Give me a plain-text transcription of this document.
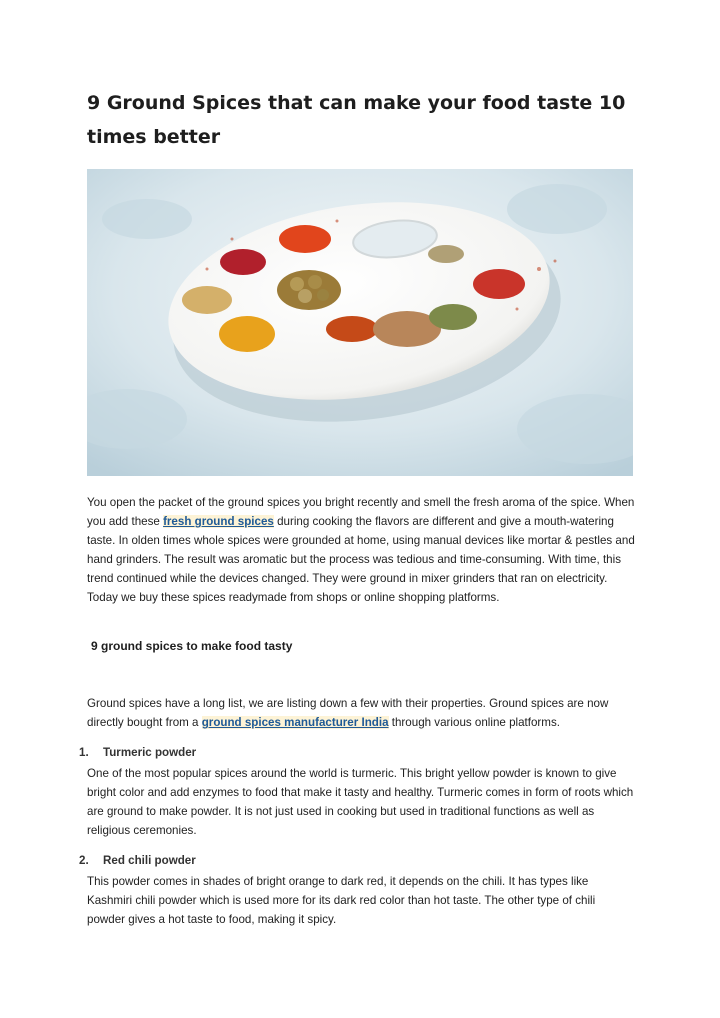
9 Ground Spices that can make your food taste 10 times better

You open the packet of the ground spices you bright recently and smell the fresh aroma of the spice. When you add these fresh ground spices during cooking the flavors are different and give a mouth-watering taste. In olden times whole spices were grounded at home, using manual devices like mortar & pestles and hand grinders. The result was aromatic but the process was tedious and time-consuming. With time, this trend continued while the devices changed. They were ground in mixer grinders that ran on electricity. Today we buy these spices readymade from shops or online shopping platforms.

9 ground spices to make food tasty

Ground spices have a long list, we are listing down a few with their properties. Ground spices are now directly bought from a ground spices manufacturer India through various online platforms.

1. Turmeric powder

One of the most popular spices around the world is turmeric. This bright yellow powder is known to give bright color and add enzymes to food that make it tasty and healthy. Turmeric comes in form of roots which are ground to make powder. It is not just used in cooking but used in traditional functions as well as religious ceremonies.

2. Red chili powder

This powder comes in shades of bright orange to dark red, it depends on the chili. It has types like Kashmiri chili powder which is used more for its dark red color than hot taste. The other type of chili powder gives a hot taste to food, making it spicy.
